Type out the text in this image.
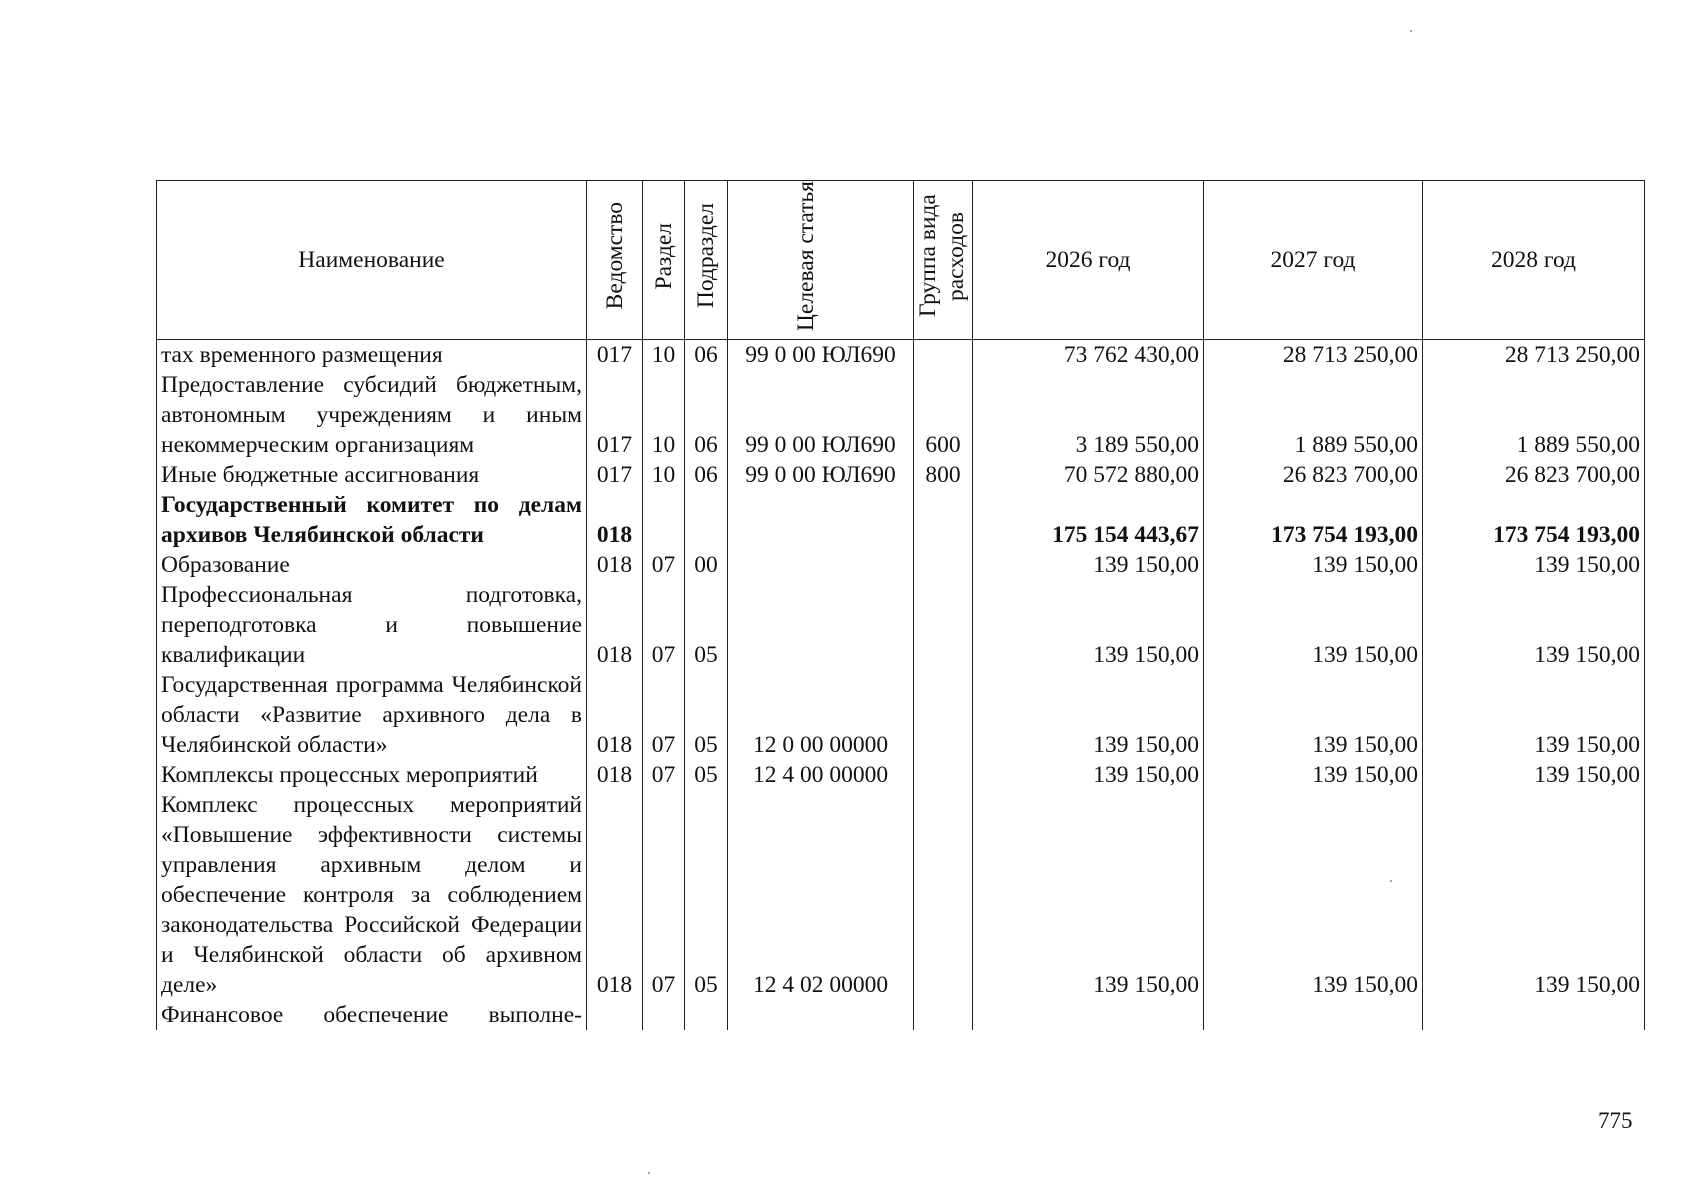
Наименование	Ведомство	Раздел	Подраздел	Целевая статья	Группа вида расходов	2026 год	2027 год	2028 год
тах временного размещения	017	10	06	99 0 00 ЮЛ690		73 762 430,00	28 713 250,00	28 713 250,00
Предоставление субсидий бюджетным, автономным учреждениям и иным некоммерческим организациям	017	10	06	99 0 00 ЮЛ690	600	3 189 550,00	1 889 550,00	1 889 550,00
Иные бюджетные ассигнования	017	10	06	99 0 00 ЮЛ690	800	70 572 880,00	26 823 700,00	26 823 700,00
Государственный комитет по делам архивов Челябинской области	018					175 154 443,67	173 754 193,00	173 754 193,00
Образование	018	07	00			139 150,00	139 150,00	139 150,00
Профессиональная подготовка, переподготовка и повышение квалификации	018	07	05			139 150,00	139 150,00	139 150,00
Государственная программа Челябинской области «Развитие архивного дела в Челябинской области»	018	07	05	12 0 00 00000		139 150,00	139 150,00	139 150,00
Комплексы процессных мероприятий	018	07	05	12 4 00 00000		139 150,00	139 150,00	139 150,00
Комплекс процессных мероприятий «Повышение эффективности системы управления архивным делом и обеспечение контроля за соблюдением законодательства Российской Федерации и Челябинской области об архивном деле»	018	07	05	12 4 02 00000		139 150,00	139 150,00	139 150,00
Финансовое обеспечение выполне-								
775
